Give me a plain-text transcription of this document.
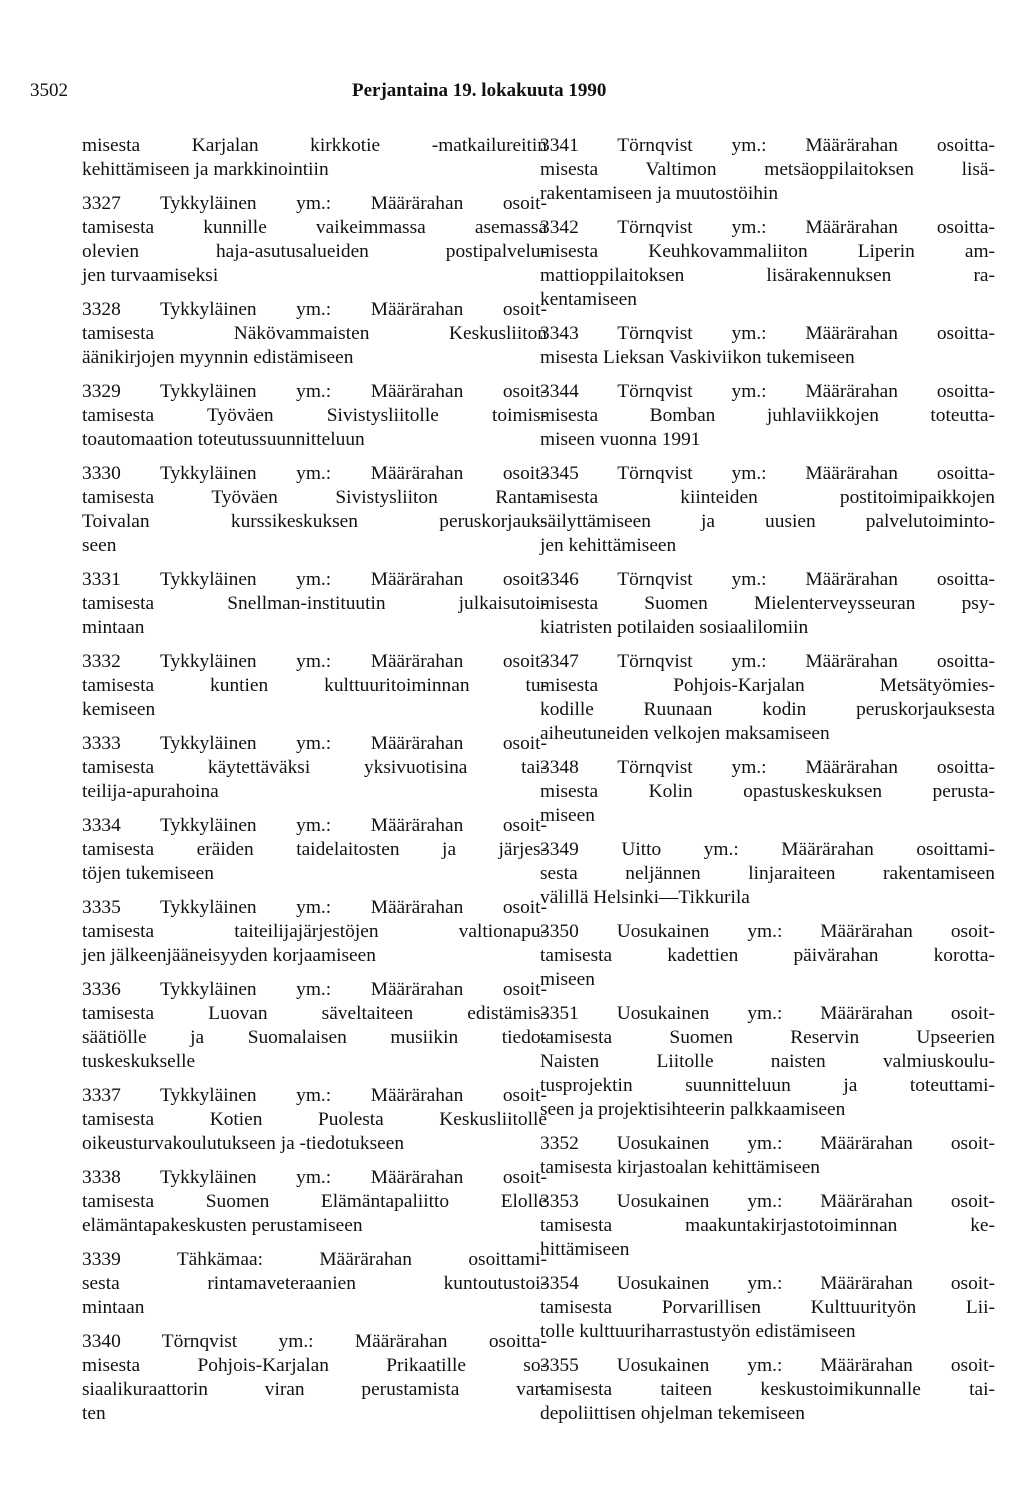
3502	Perjantaina 19. lokakuuta 1990
misesta Karjalan kirkkotie -matkailureitin
kehittämiseen ja markkinointiin
3327 Tykkyläinen ym.: Määrärahan osoit-
tamisesta kunnille vaikeimmassa asemassa
olevien haja-asutusalueiden postipalvelu-
jen turvaamiseksi
3328 Tykkyläinen ym.: Määrärahan osoit-
tamisesta Näkövammaisten Keskusliiton
äänikirjojen myynnin edistämiseen
3329 Tykkyläinen ym.: Määrärahan osoit-
tamisesta Työväen Sivistysliitolle toimis-
toautomaation toteutussuunnitteluun
3330 Tykkyläinen ym.: Määrärahan osoit-
tamisesta Työväen Sivistysliiton Ranta-
Toivalan kurssikeskuksen peruskorjauk-
seen
3331 Tykkyläinen ym.: Määrärahan osoit-
tamisesta Snellman-instituutin julkaisutoi-
mintaan
3332 Tykkyläinen ym.: Määrärahan osoit-
tamisesta kuntien kulttuuritoiminnan tu-
kemiseen
3333 Tykkyläinen ym.: Määrärahan osoit-
tamisesta käytettäväksi yksivuotisina tai-
teilija-apurahoina
3334 Tykkyläinen ym.: Määrärahan osoit-
tamisesta eräiden taidelaitosten ja järjes-
töjen tukemiseen
3335 Tykkyläinen ym.: Määrärahan osoit-
tamisesta taiteilijajärjestöjen valtionapu-
jen jälkeenjääneisyyden korjaamiseen
3336 Tykkyläinen ym.: Määrärahan osoit-
tamisesta Luovan säveltaiteen edistämis-
säätiölle ja Suomalaisen musiikin tiedo-
tuskeskukselle
3337 Tykkyläinen ym.: Määrärahan osoit-
tamisesta Kotien Puolesta Keskusliitolle
oikeusturvakoulutukseen ja -tiedotukseen
3338 Tykkyläinen ym.: Määrärahan osoit-
tamisesta Suomen Elämäntapaliitto Elolle
elämäntapakeskusten perustamiseen
3339 Tähkämaa: Määrärahan osoittami-
sesta rintamaveteraanien kuntoutustoi-
mintaan
3340 Törnqvist ym.: Määrärahan osoitta-
misesta Pohjois-Karjalan Prikaatille so-
siaalikuraattorin viran perustamista var-
ten
3341 Törnqvist ym.: Määrärahan osoitta-
misesta Valtimon metsäoppilaitoksen lisä-
rakentamiseen ja muutostöihin
3342 Törnqvist ym.: Määrärahan osoitta-
misesta Keuhkovammaliiton Liperin am-
mattioppilaitoksen lisärakennuksen ra-
kentamiseen
3343 Törnqvist ym.: Määrärahan osoitta-
misesta Lieksan Vaskiviikon tukemiseen
3344 Törnqvist ym.: Määrärahan osoitta-
misesta Bomban juhlaviikkojen toteutta-
miseen vuonna 1991
3345 Törnqvist ym.: Määrärahan osoitta-
misesta kiinteiden postitoimipaikkojen
säilyttämiseen ja uusien palvelutoiminto-
jen kehittämiseen
3346 Törnqvist ym.: Määrärahan osoitta-
misesta Suomen Mielenterveysseuran psy-
kiatristen potilaiden sosiaalilomiin
3347 Törnqvist ym.: Määrärahan osoitta-
misesta Pohjois-Karjalan Metsätyömies-
kodille Ruunaan kodin peruskorjauksesta
aiheutuneiden velkojen maksamiseen
3348 Törnqvist ym.: Määrärahan osoitta-
misesta Kolin opastuskeskuksen perusta-
miseen
3349 Uitto ym.: Määrärahan osoittami-
sesta neljännen linjaraiteen rakentamiseen
välillä Helsinki—Tikkurila
3350 Uosukainen ym.: Määrärahan osoit-
tamisesta kadettien päivärahan korotta-
miseen
3351 Uosukainen ym.: Määrärahan osoit-
tamisesta Suomen Reservin Upseerien
Naisten Liitolle naisten valmiuskoulu-
tusprojektin suunnitteluun ja toteuttami-
seen ja projektisihteerin palkkaamiseen
3352 Uosukainen ym.: Määrärahan osoit-
tamisesta kirjastoalan kehittämiseen
3353 Uosukainen ym.: Määrärahan osoit-
tamisesta maakuntakirjastotoiminnan ke-
hittämiseen
3354 Uosukainen ym.: Määrärahan osoit-
tamisesta Porvarillisen Kulttuurityön Lii-
tolle kulttuuriharrastustyön edistämiseen
3355 Uosukainen ym.: Määrärahan osoit-
tamisesta taiteen keskustoimikunnalle tai-
depoliittisen ohjelman tekemiseen
